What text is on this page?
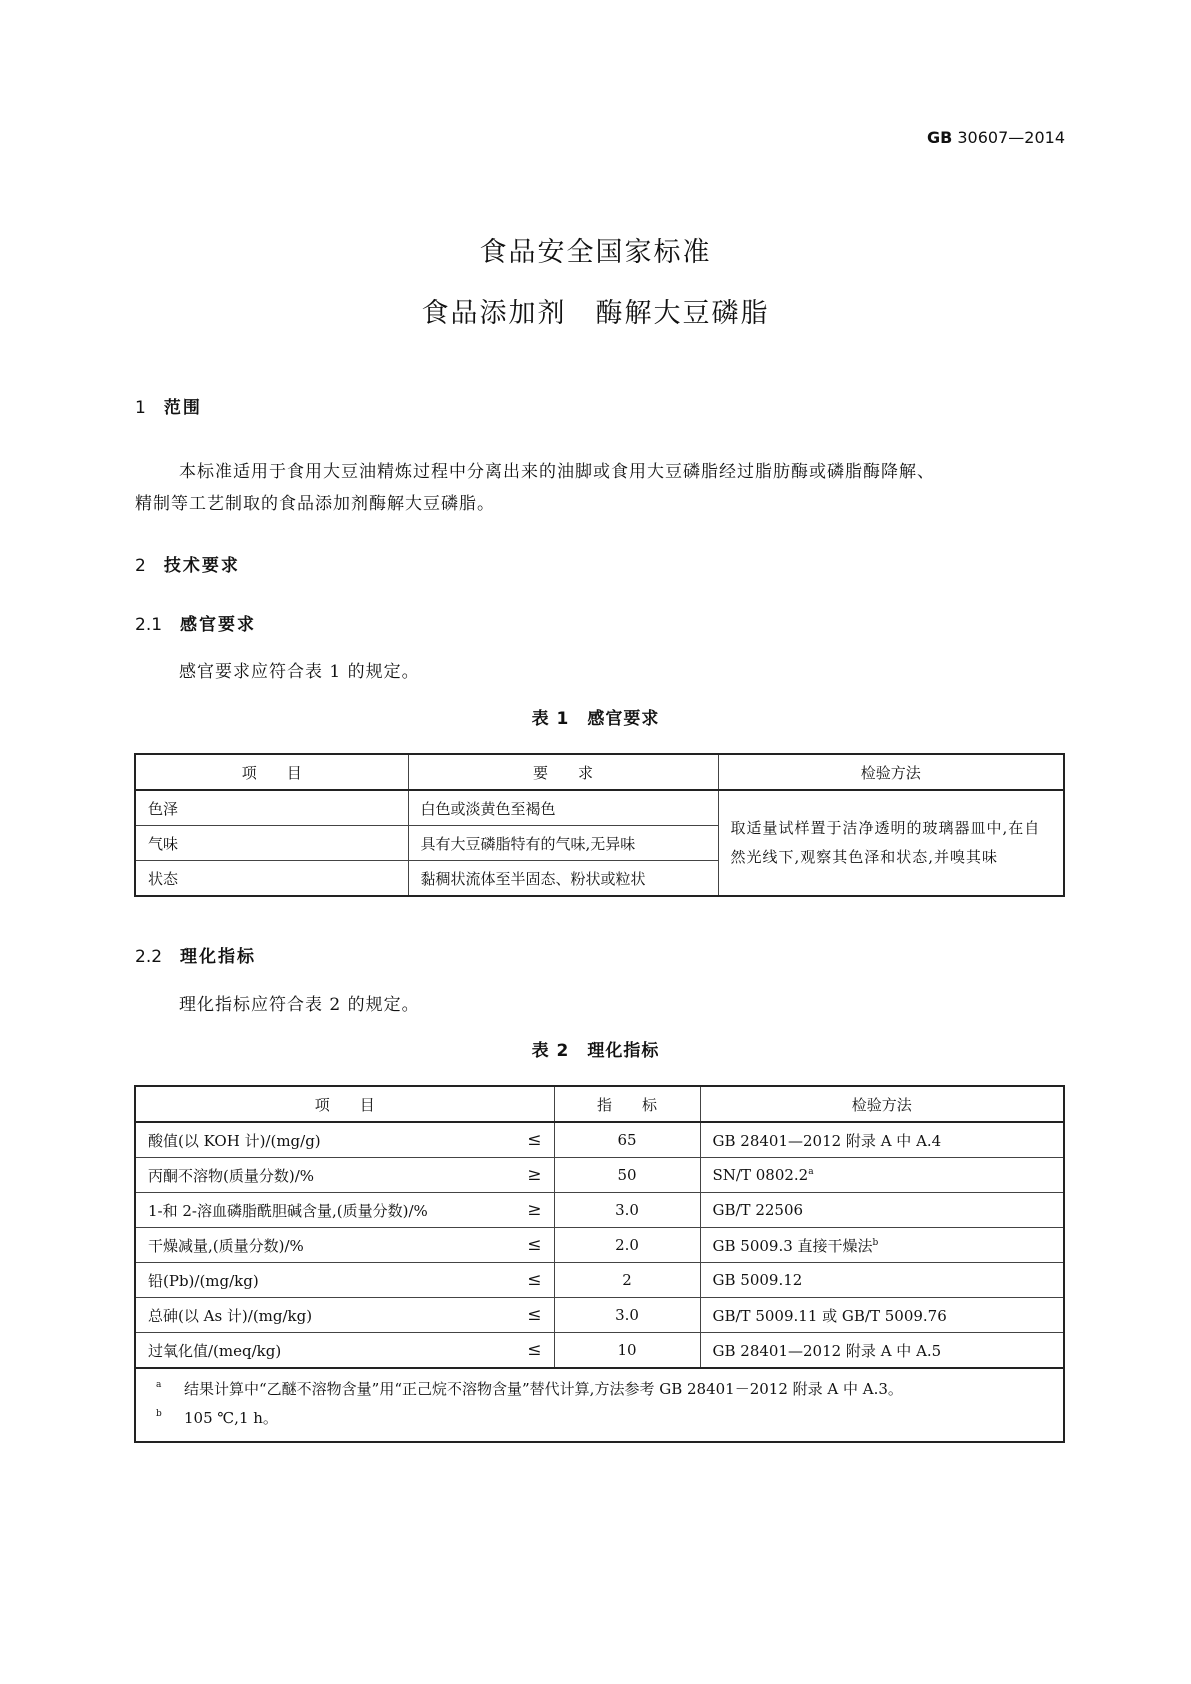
GB 30607—2014
食品安全国家标准
食品添加剂　酶解大豆磷脂
1 范围
本标准适用于食用大豆油精炼过程中分离出来的油脚或食用大豆磷脂经过脂肪酶或磷脂酶降解、
精制等工艺制取的食品添加剂酶解大豆磷脂。
2 技术要求
2.1 感官要求
感官要求应符合表 1 的规定。
表 1　感官要求
项　　目	要　　求	检验方法
色泽	白色或淡黄色至褐色	取适量试样置于洁净透明的玻璃器皿中,在自然光线下,观察其色泽和状态,并嗅其味
气味	具有大豆磷脂特有的气味,无异味	
状态	黏稠状流体至半固态、粉状或粒状	
2.2 理化指标
理化指标应符合表 2 的规定。
表 2　理化指标
项　　目	指　　标	检验方法
酸值(以 KOH 计)/(mg/g) ≤	65	GB 28401—2012 附录 A 中 A.4
丙酮不溶物(质量分数)/% ≥	50	SN/T 0802.2$^a$
1-和 2-溶血磷脂酰胆碱含量,(质量分数)/% ≥	3.0	GB/T 22506
干燥减量,(质量分数)/% ≤	2.0	GB 5009.3 直接干燥法$^b$
铅(Pb)/(mg/kg) ≤	2	GB 5009.12
总砷(以 As 计)/(mg/kg) ≤	3.0	GB/T 5009.11 或 GB/T 5009.76
过氧化值/(meq/kg) ≤	10	GB 28401—2012 附录 A 中 A.5

a 结果计算中“乙醚不溶物含量”用“正己烷不溶物含量”替代计算,方法参考 GB 28401－2012 附录 A 中 A.3。
b 105 ℃,1 h。		
